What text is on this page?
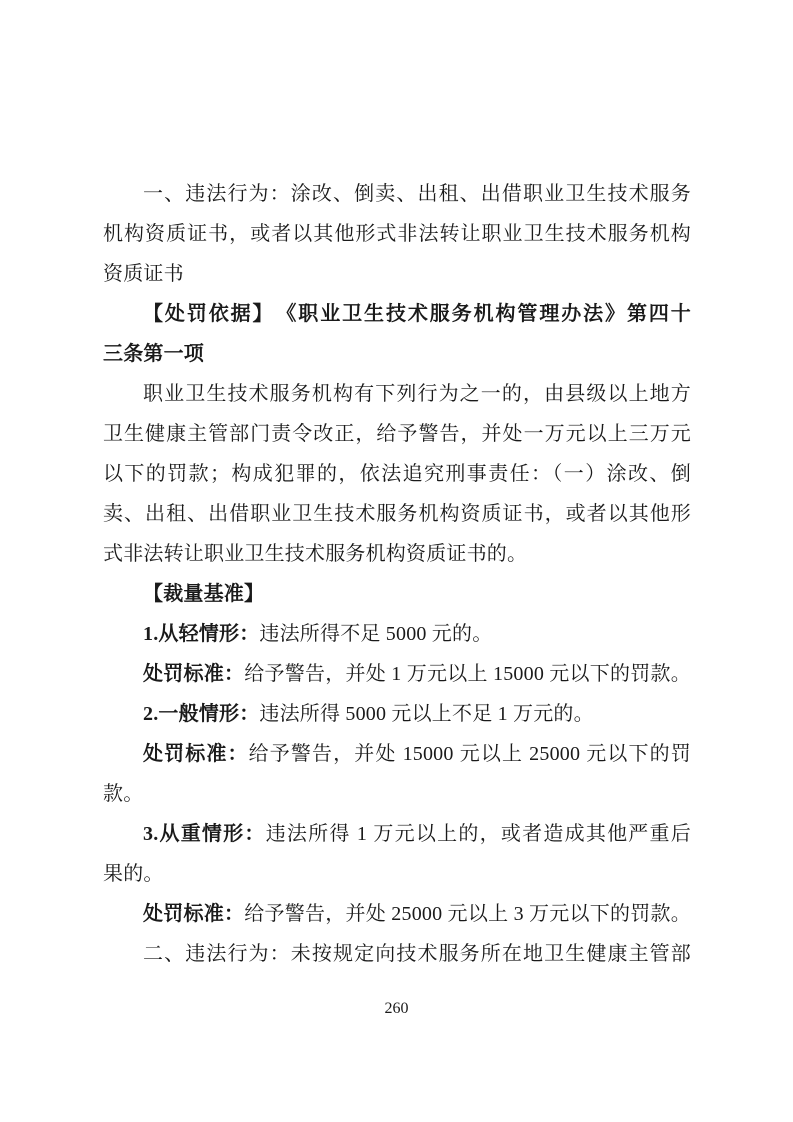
一、违法行为：涂改、倒卖、出租、出借职业卫生技术服务
机构资质证书，或者以其他形式非法转让职业卫生技术服务机构
资质证书
【处罚依据】　《职业卫生技术服务机构管理办法》第四十
三条第一项
职业卫生技术服务机构有下列行为之一的，由县级以上地方
卫生健康主管部门责令改正，给予警告，并处一万元以上三万元
以下的罚款；构成犯罪的，依法追究刑事责任：（一）涂改、倒
卖、出租、出借职业卫生技术服务机构资质证书，或者以其他形
式非法转让职业卫生技术服务机构资质证书的。
【裁量基准】
1.从轻情形：违法所得不足 5000 元的。
处罚标准：给予警告，并处 1 万元以上 15000 元以下的罚款。
2.一般情形：违法所得 5000 元以上不足 1 万元的。
处罚标准：给予警告，并处 15000 元以上 25000 元以下的罚
款。
3.从重情形：违法所得 1 万元以上的，或者造成其他严重后
果的。
处罚标准：给予警告，并处 25000 元以上 3 万元以下的罚款。
二、违法行为：未按规定向技术服务所在地卫生健康主管部
260
